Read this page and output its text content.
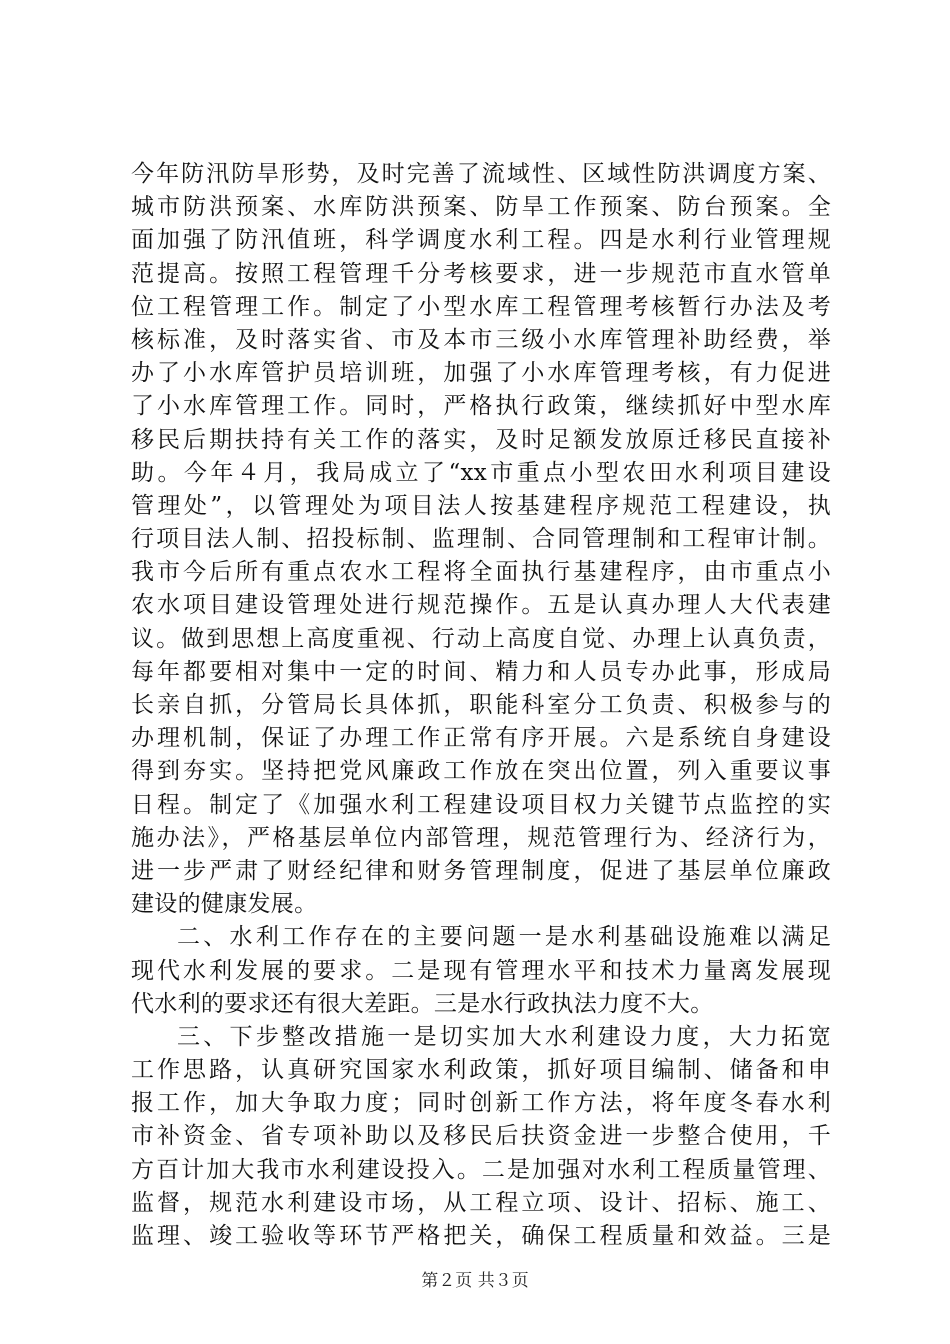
今年防汛防旱形势，及时完善了流域性、区域性防洪调度方案、
城市防洪预案、水库防洪预案、防旱工作预案、防台预案。全
面加强了防汛值班，科学调度水利工程。四是水利行业管理规
范提高。按照工程管理千分考核要求，进一步规范市直水管单
位工程管理工作。制定了小型水库工程管理考核暂行办法及考
核标准，及时落实省、市及本市三级小水库管理补助经费，举
办了小水库管护员培训班，加强了小水库管理考核，有力促进
了小水库管理工作。同时，严格执行政策，继续抓好中型水库
移民后期扶持有关工作的落实，及时足额发放原迁移民直接补
助。今年４月，我局成立了“xx市重点小型农田水利项目建设
管理处”，以管理处为项目法人按基建程序规范工程建设，执
行项目法人制、招投标制、监理制、合同管理制和工程审计制。
我市今后所有重点农水工程将全面执行基建程序，由市重点小
农水项目建设管理处进行规范操作。五是认真办理人大代表建
议。做到思想上高度重视、行动上高度自觉、办理上认真负责，
每年都要相对集中一定的时间、精力和人员专办此事，形成局
长亲自抓，分管局长具体抓，职能科室分工负责、积极参与的
办理机制，保证了办理工作正常有序开展。六是系统自身建设
得到夯实。坚持把党风廉政工作放在突出位置，列入重要议事
日程。制定了《加强水利工程建设项目权力关键节点监控的实
施办法》，严格基层单位内部管理，规范管理行为、经济行为，
进一步严肃了财经纪律和财务管理制度，促进了基层单位廉政
建设的健康发展。
二、水利工作存在的主要问题一是水利基础设施难以满足
现代水利发展的要求。二是现有管理水平和技术力量离发展现
代水利的要求还有很大差距。三是水行政执法力度不大。
三、下步整改措施一是切实加大水利建设力度，大力拓宽
工作思路，认真研究国家水利政策，抓好项目编制、储备和申
报工作，加大争取力度；同时创新工作方法，将年度冬春水利
市补资金、省专项补助以及移民后扶资金进一步整合使用，千
方百计加大我市水利建设投入。二是加强对水利工程质量管理、
监督，规范水利建设市场，从工程立项、设计、招标、施工、
监理、竣工验收等环节严格把关，确保工程质量和效益。三是
第２页 共３页
